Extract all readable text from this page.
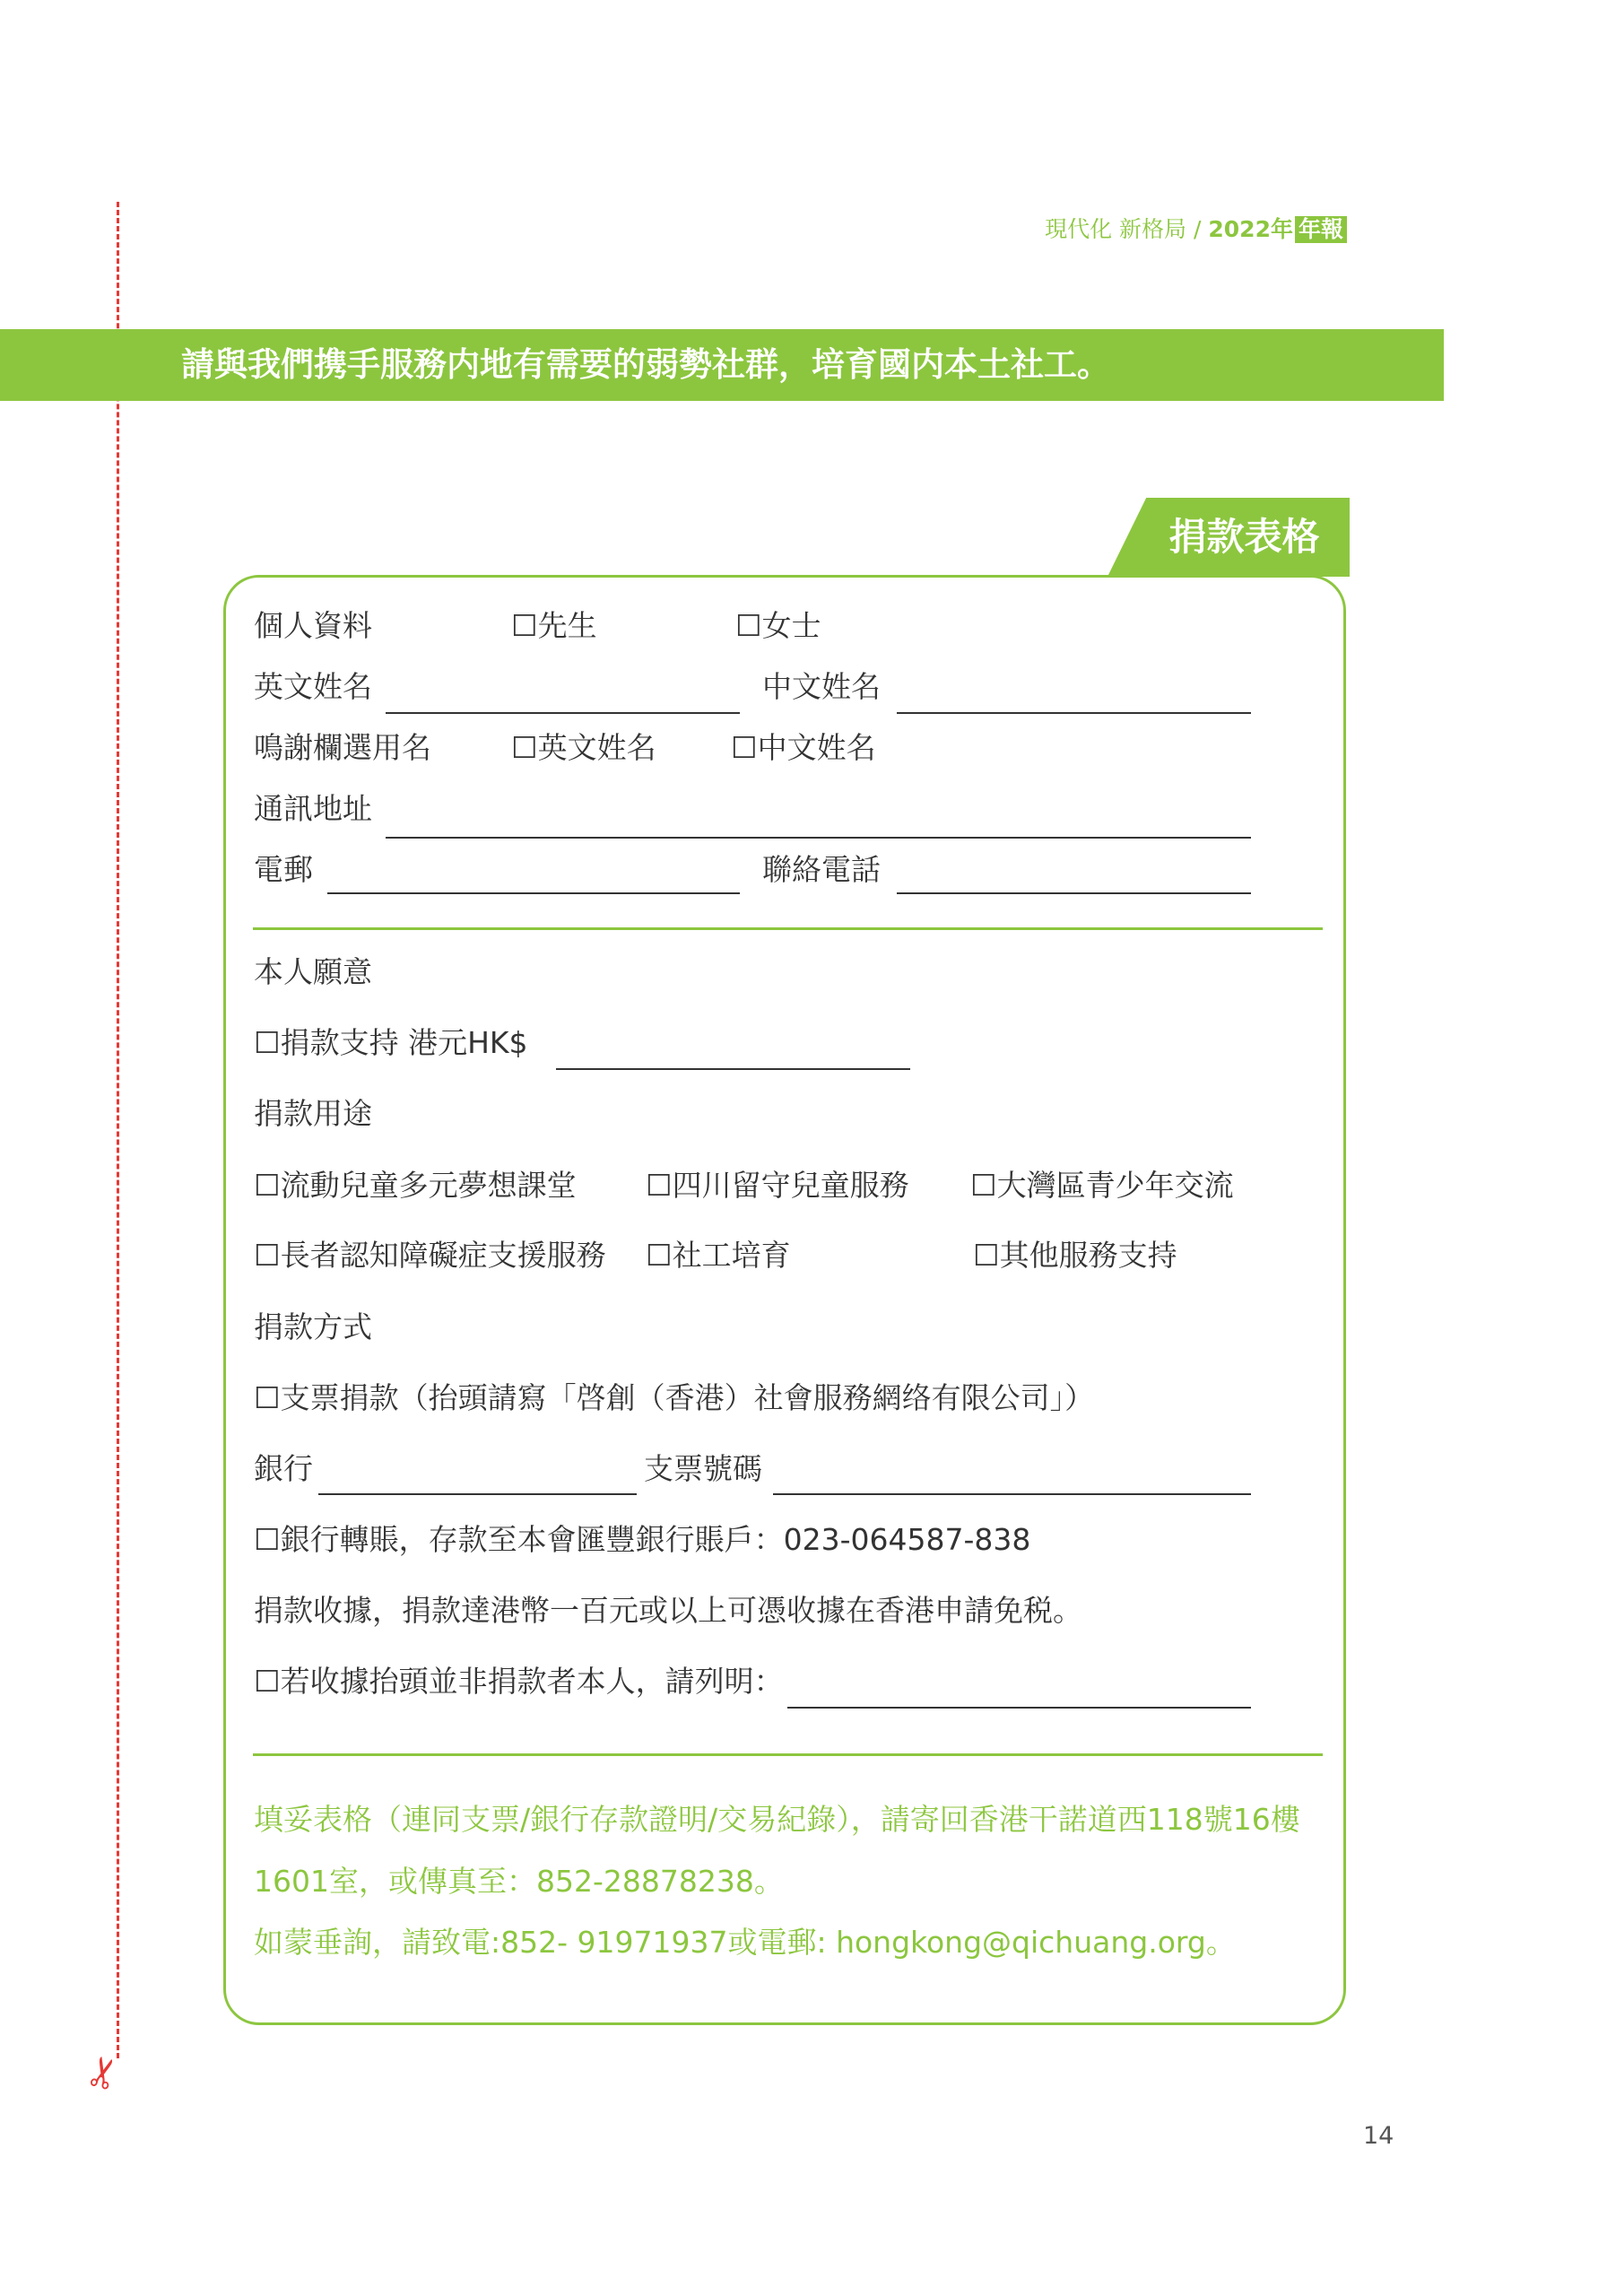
現代化 新格局 / 2022年 年報
✂
請與我們携手服務内地有需要的弱勢社群，培育國内本土社工。
捐款表格
個人資料	☐先生	☐女士
英文姓名	中文姓名
鳴謝欄選用名	☐英文姓名	☐中文姓名
通訊地址
電郵	聯絡電話
本人願意
☐捐款支持 港元HK$
捐款用途
☐流動兒童多元夢想課堂 ☐四川留守兒童服務 ☐大灣區青少年交流
☐長者認知障礙症支援服務 ☐社工培育	☐其他服務支持
捐款方式
☐支票捐款（抬頭請寫「啓創（香港）社會服務網络有限公司」）
銀行	支票號碼
☐銀行轉賬，存款至本會匯豐銀行賬戶：023-064587-838
捐款收據，捐款達港幣一百元或以上可憑收據在香港申請免税。
☐若收據抬頭並非捐款者本人，請列明：
填妥表格（連同支票/銀行存款證明/交易紀錄），請寄回香港干諾道西118號16樓
1601室，或傳真至：852-28878238。
如蒙垂詢，請致電:852- 91971937或電郵: hongkong@qichuang.org。
14
